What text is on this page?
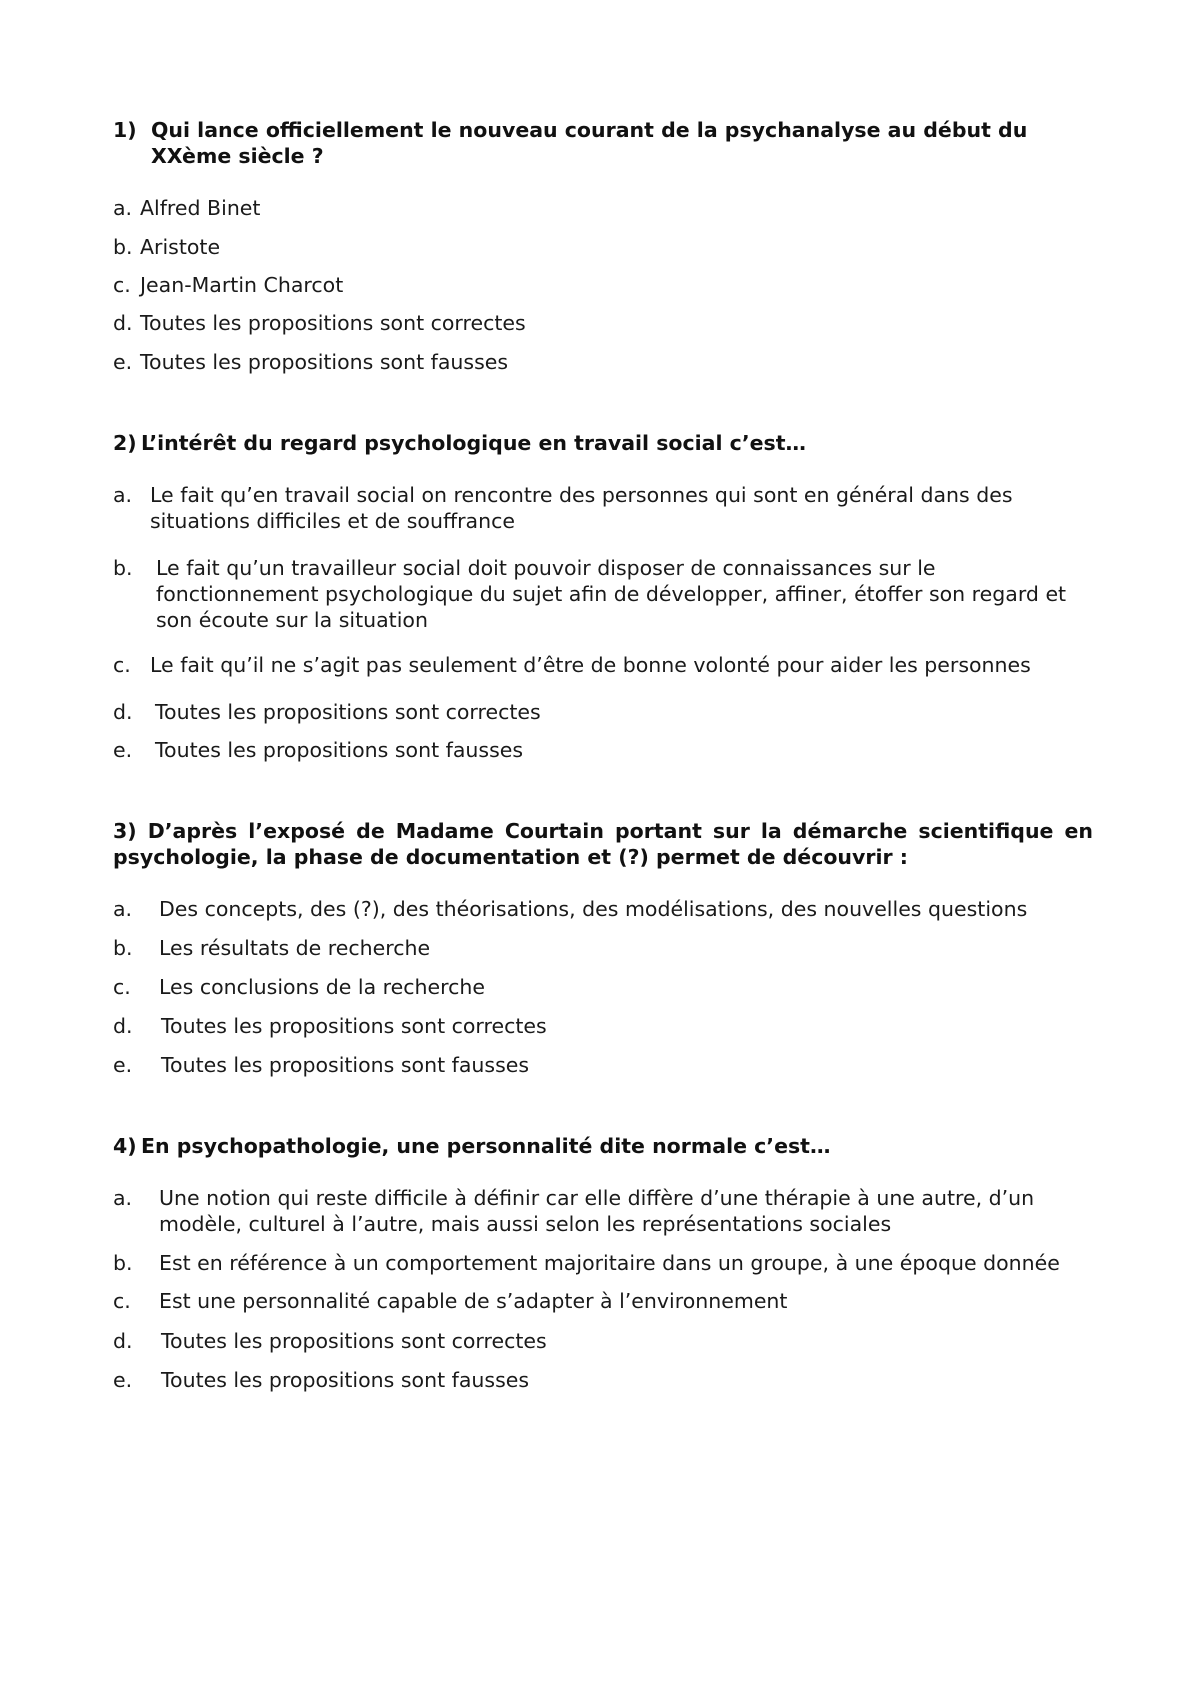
1) Qui lance officiellement le nouveau courant de la psychanalyse au début du XXème siècle ?
a. Alfred Binet
b. Aristote
c. Jean-Martin Charcot
d. Toutes les propositions sont correctes
e. Toutes les propositions sont fausses
2) L’intérêt du regard psychologique en travail social c’est…
a. Le fait qu’en travail social on rencontre des personnes qui sont en général dans des situations difficiles et de souffrance
b.	Le fait qu’un travailleur social doit pouvoir disposer de connaissances sur le fonctionnement psychologique du sujet afin de développer, affiner, étoffer son regard et son écoute sur la situation
c. Le fait qu’il ne s’agit pas seulement d’être de bonne volonté pour aider les personnes
d.	Toutes les propositions sont correctes
e.	Toutes les propositions sont fausses
3) D’après l’exposé de Madame Courtain portant sur la démarche scientifique en psychologie, la phase de documentation et (?) permet de découvrir :
a.	Des concepts, des (?), des théorisations, des modélisations, des nouvelles questions
b.	Les résultats de recherche
c.	Les conclusions de la recherche
d.	Toutes les propositions sont correctes
e.	Toutes les propositions sont fausses
4) En psychopathologie, une personnalité dite normale c’est…
a.	Une notion qui reste difficile à définir car elle diffère d’une thérapie à une autre, d’un modèle, culturel à l’autre, mais aussi selon les représentations sociales
b.	Est en référence à un comportement majoritaire dans un groupe, à une époque donnée
c.	Est une personnalité capable de s’adapter à l’environnement
d.	Toutes les propositions sont correctes
e.	Toutes les propositions sont fausses
